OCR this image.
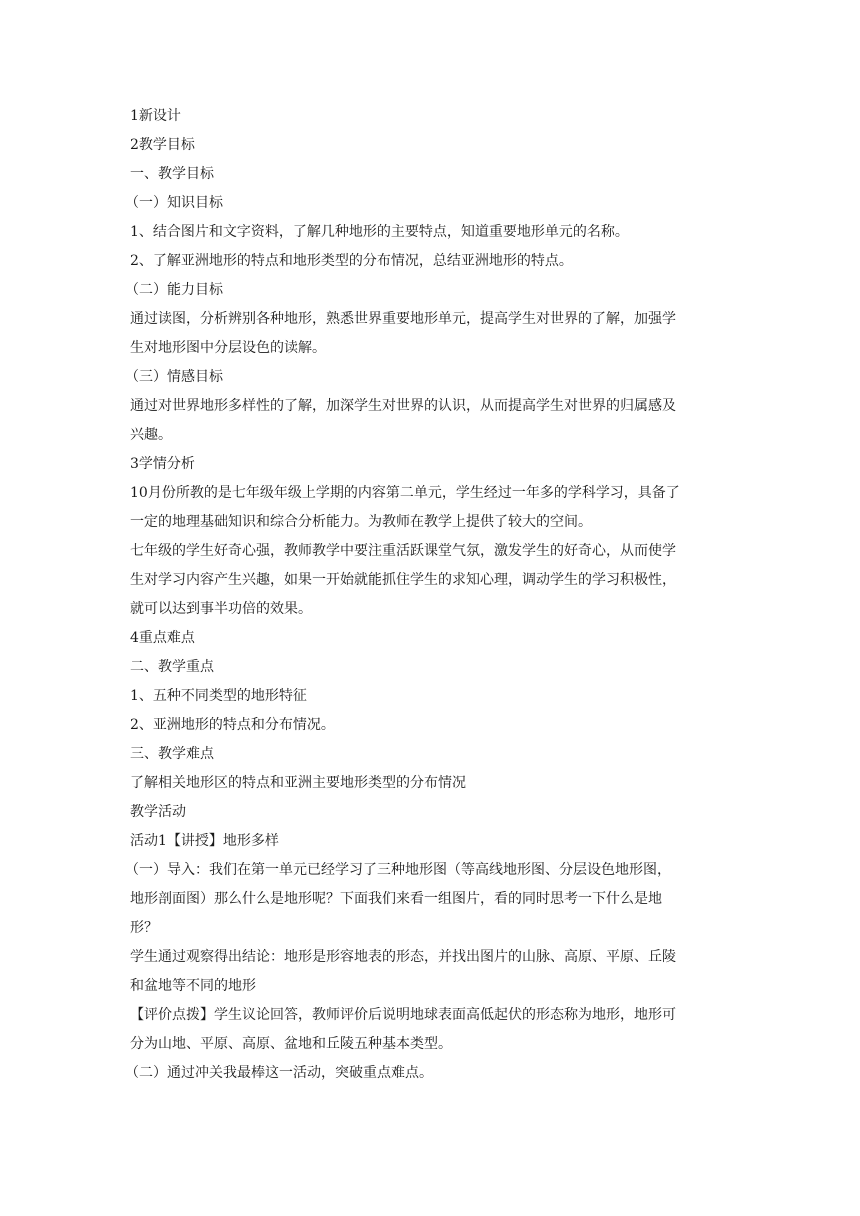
1新设计
2教学目标
一、教学目标
（一）知识目标
1、结合图片和文字资料，了解几种地形的主要特点，知道重要地形单元的名称。
2、了解亚洲地形的特点和地形类型的分布情况，总结亚洲地形的特点。
（二）能力目标
通过读图，分析辨别各种地形，熟悉世界重要地形单元，提高学生对世界的了解，加强学
生对地形图中分层设色的读解。
（三）情感目标
通过对世界地形多样性的了解，加深学生对世界的认识，从而提高学生对世界的归属感及
兴趣。
3学情分析
10月份所教的是七年级年级上学期的内容第二单元，学生经过一年多的学科学习，具备了
一定的地理基础知识和综合分析能力。为教师在教学上提供了较大的空间。
七年级的学生好奇心强，教师教学中要注重活跃课堂气氛，激发学生的好奇心，从而使学
生对学习内容产生兴趣，如果一开始就能抓住学生的求知心理，调动学生的学习积极性，
就可以达到事半功倍的效果。
4重点难点
二、教学重点
1、五种不同类型的地形特征
2、亚洲地形的特点和分布情况。
三、教学难点
了解相关地形区的特点和亚洲主要地形类型的分布情况
教学活动
活动1【讲授】地形多样
（一）导入：我们在第一单元已经学习了三种地形图（等高线地形图、分层设色地形图，
地形剖面图）那么什么是地形呢？下面我们来看一组图片，看的同时思考一下什么是地
形？
学生通过观察得出结论：地形是形容地表的形态，并找出图片的山脉、高原、平原、丘陵
和盆地等不同的地形
【评价点拨】学生议论回答，教师评价后说明地球表面高低起伏的形态称为地形，地形可
分为山地、平原、高原、盆地和丘陵五种基本类型。
（二）通过冲关我最棒这一活动，突破重点难点。
